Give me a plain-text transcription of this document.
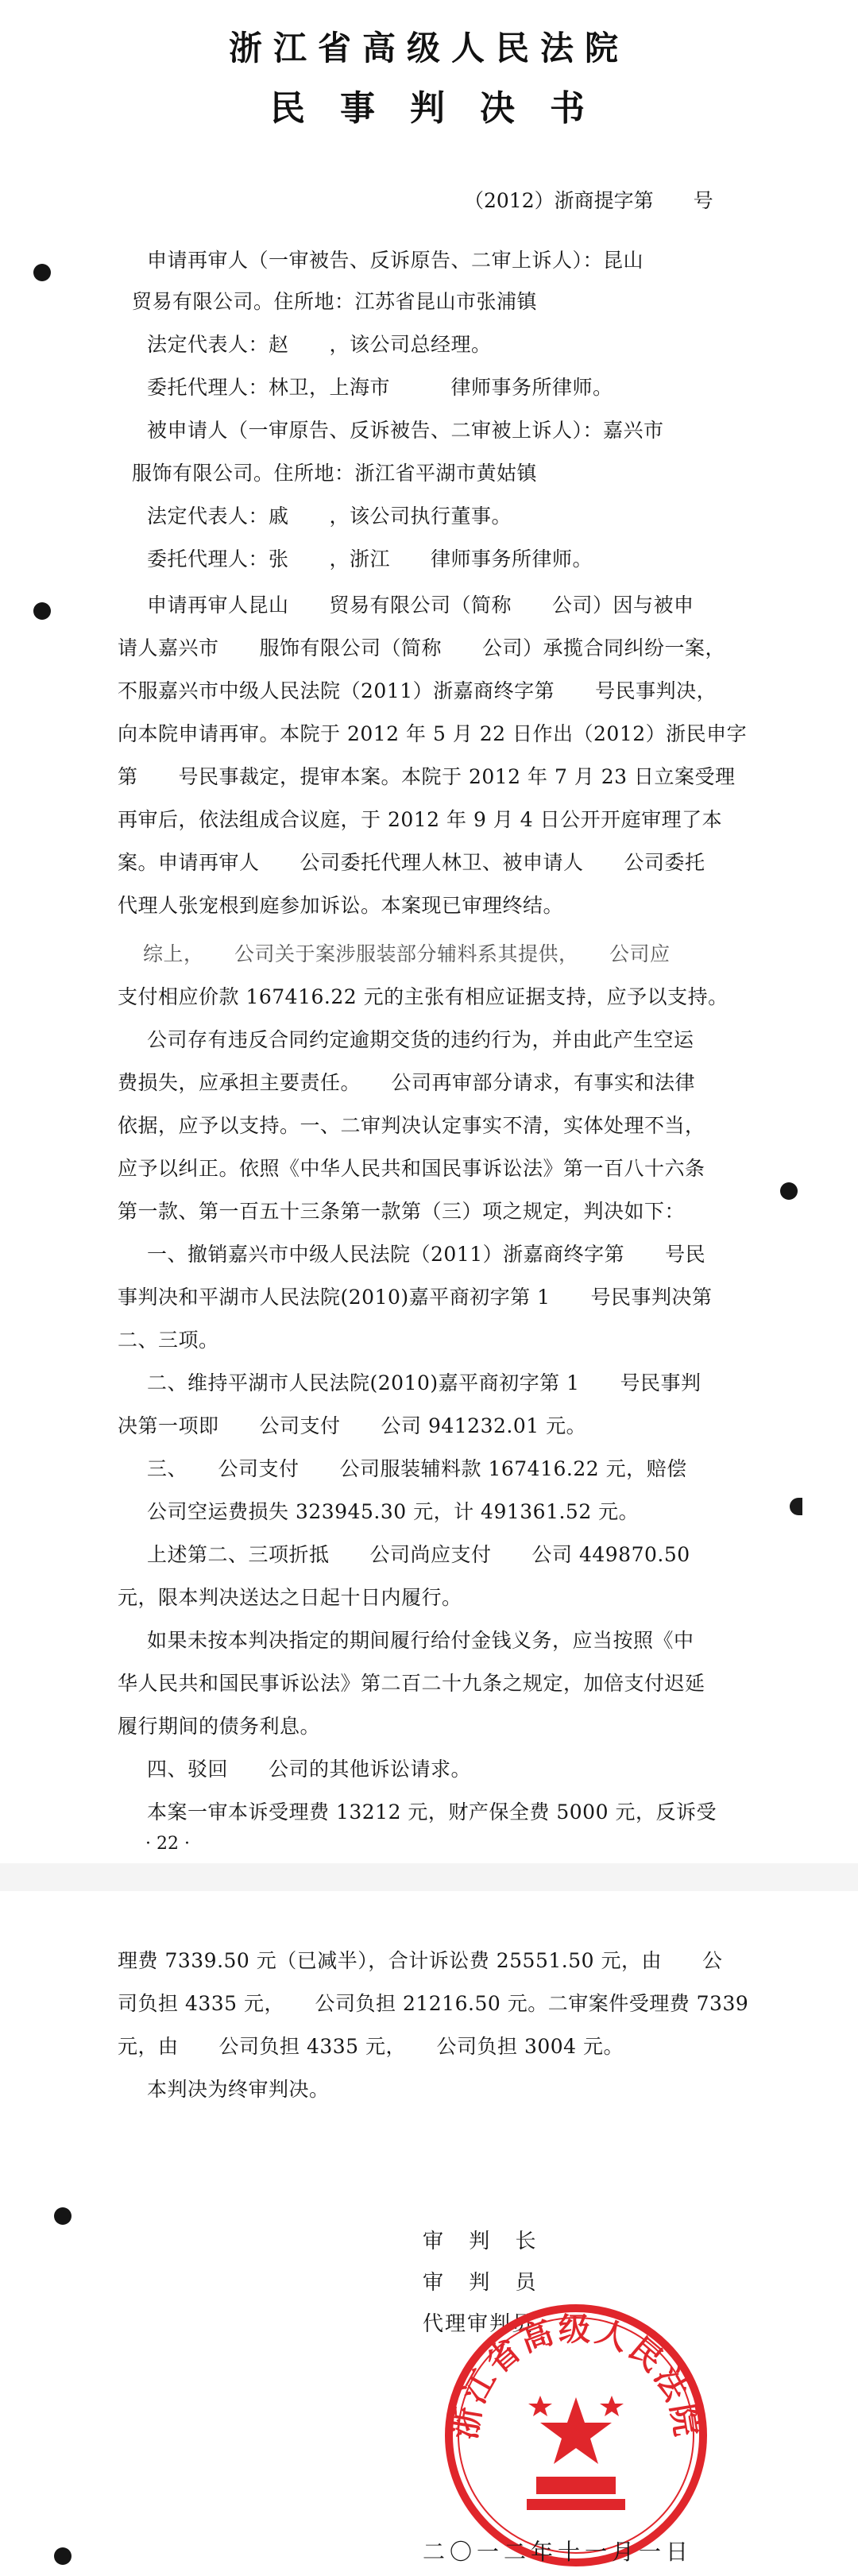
浙江省高级人民法院
民事判决书
（2012）浙商提字第　　号
申请再审人（一审被告、反诉原告、二审上诉人）：昆山
贸易有限公司。住所地：江苏省昆山市张浦镇
法定代表人：赵　　，该公司总经理。
委托代理人：林卫，上海市　　　律师事务所律师。
被申请人（一审原告、反诉被告、二审被上诉人）：嘉兴市
服饰有限公司。住所地：浙江省平湖市黄姑镇
法定代表人：戚　　，该公司执行董事。
委托代理人：张　　，浙江　　律师事务所律师。
申请再审人昆山　　贸易有限公司（简称　　公司）因与被申
请人嘉兴市　　服饰有限公司（简称　　公司）承揽合同纠纷一案，
不服嘉兴市中级人民法院（2011）浙嘉商终字第　　号民事判决，
向本院申请再审。本院于 2012 年 5 月 22 日作出（2012）浙民申字
第　　号民事裁定，提审本案。本院于 2012 年 7 月 23 日立案受理
再审后，依法组成合议庭，于 2012 年 9 月 4 日公开开庭审理了本
案。申请再审人　　公司委托代理人林卫、被申请人　　公司委托
代理人张宠根到庭参加诉讼。本案现已审理终结。
综上，　　公司关于案涉服装部分辅料系其提供，　　公司应
支付相应价款 167416.22 元的主张有相应证据支持，应予以支持。
公司存有违反合同约定逾期交货的违约行为，并由此产生空运
费损失，应承担主要责任。　　公司再审部分请求，有事实和法律
依据，应予以支持。一、二审判决认定事实不清，实体处理不当，
应予以纠正。依照《中华人民共和国民事诉讼法》第一百八十六条
第一款、第一百五十三条第一款第（三）项之规定，判决如下：
一、撤销嘉兴市中级人民法院（2011）浙嘉商终字第　　号民
事判决和平湖市人民法院(2010)嘉平商初字第 1　　号民事判决第
二、三项。
二、维持平湖市人民法院(2010)嘉平商初字第 1　　号民事判
决第一项即　　公司支付　　公司 941232.01 元。
三、　　公司支付　　公司服装辅料款 167416.22 元，赔偿
公司空运费损失 323945.30 元，计 491361.52 元。
上述第二、三项折抵　　公司尚应支付　　公司 449870.50
元，限本判决送达之日起十日内履行。
如果未按本判决指定的期间履行给付金钱义务，应当按照《中
华人民共和国民事诉讼法》第二百二十九条之规定，加倍支付迟延
履行期间的债务利息。
四、驳回　　公司的其他诉讼请求。
本案一审本诉受理费 13212 元，财产保全费 5000 元，反诉受
· 22 ·
理费 7339.50 元（已减半），合计诉讼费 25551.50 元，由　　公
司负担 4335 元，　　公司负担 21216.50 元。二审案件受理费 7339
元，由　　公司负担 4335 元，　　公司负担 3004 元。
本判决为终审判决。
审 判 长
审 判 员
代理审判员
浙江省高级人民法院
二〇一二年十一月一日
